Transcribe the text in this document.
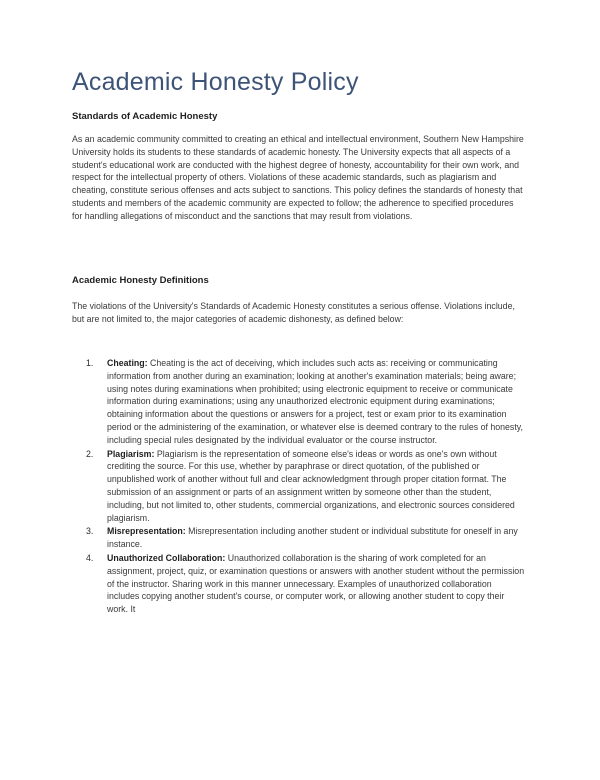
Academic Honesty Policy
Standards of Academic Honesty
As an academic community committed to creating an ethical and intellectual environment, Southern New Hampshire University holds its students to these standards of academic honesty. The University expects that all aspects of a student's educational work are conducted with the highest degree of honesty, accountability for their own work, and respect for the intellectual property of others. Violations of these academic standards, such as plagiarism and cheating, constitute serious offenses and acts subject to sanctions. This policy defines the standards of honesty that students and members of the academic community are expected to follow; the adherence to specified procedures for handling allegations of misconduct and the sanctions that may result from violations.
Academic Honesty Definitions
The violations of the University's Standards of Academic Honesty constitutes a serious offense. Violations include, but are not limited to, the major categories of academic dishonesty, as defined below:
1. Cheating: Cheating is the act of deceiving, which includes such acts as: receiving or communicating information from another during an examination; looking at another's examination materials; being aware; using notes during examinations when prohibited; using electronic equipment to receive or communicate information during examinations; using any unauthorized electronic equipment during examinations; obtaining information about the questions or answers for a project, test or exam prior to its examination period or the administering of the examination, or whatever else is deemed contrary to the rules of honesty, including special rules designated by the individual evaluator or the course instructor.
2. Plagiarism: Plagiarism is the representation of someone else's ideas or words as one's own without crediting the source. For this use, whether by paraphrase or direct quotation, of the published or unpublished work of another without full and clear acknowledgment through proper citation format. The submission of an assignment or parts of an assignment written by someone other than the student, including, but not limited to, other students, commercial organizations, and electronic sources considered plagiarism.
3. Misrepresentation: Misrepresentation including another student or individual substitute for oneself in any instance.
4. Unauthorized Collaboration: Unauthorized collaboration is the sharing of work completed for an assignment, project, quiz, or examination questions or answers with another student without the permission of the instructor. Sharing work in this manner unnecessary. Examples of unauthorized collaboration includes copying another student's course, or computer work, or allowing another student to copy their work. It
